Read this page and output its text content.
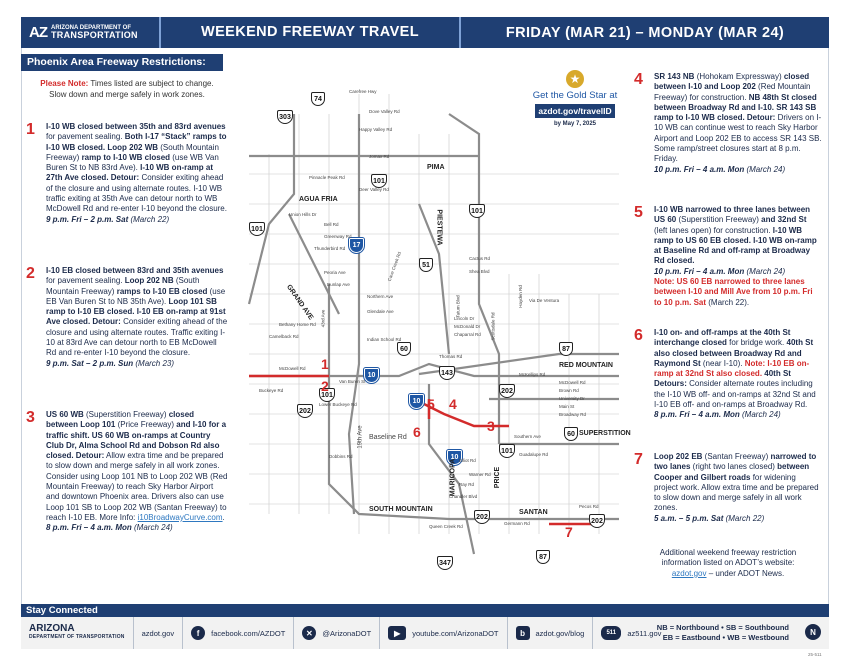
AZ ARIZONA DEPARTMENT OF
TRANSPORTATION	WEEKEND FREEWAY TRAVEL	FRIDAY (MAR 21) – MONDAY (MAR 24)
Phoenix Area Freeway Restrictions:
Please Note: Times listed are subject to change.
Slow down and merge safely in work zones.
1 I-10 WB closed between 35th and 83rd avenues for pavement sealing. Both I-17 “Stack” ramps to I-10 WB closed. Loop 202 WB (South Mountain Freeway) ramp to I-10 WB closed (use WB Van Buren St to NB 83rd Ave). I-10 WB on-ramp at 27th Ave closed. Detour: Consider exiting ahead of the closure and using alternate routes. I-10 WB traffic exiting at 35th Ave can detour north to WB McDowell Rd and re-enter I-10 beyond the closure.
9 p.m. Fri – 2 p.m. Sat (March 22)
2 I-10 EB closed between 83rd and 35th avenues for pavement sealing. Loop 202 NB (South Mountain Freeway) ramps to I-10 EB closed (use EB Van Buren St to NB 35th Ave). Loop 101 SB ramp to I-10 EB closed. I-10 EB on-ramp at 91st Ave closed. Detour: Consider exiting ahead of the closure and using alternate routes. Traffic exiting I-10 at 83rd Ave can detour north to EB McDowell Rd and re-enter I-10 beyond the closure.
9 p.m. Sat – 2 p.m. Sun (March 23)
3 US 60 WB (Superstition Freeway) closed between Loop 101 (Price Freeway) and I-10 for a traffic shift. US 60 WB on-ramps at Country Club Dr, Alma School Rd and Dobson Rd also closed. Detour: Allow extra time and be prepared to slow down and merge safely in all work zones. Consider using Loop 101 NB to Loop 202 WB (Red Mountain Freeway) to reach Sky Harbor Airport and downtown Phoenix area. Drivers also can use Loop 101 SB to Loop 202 WB (Santan Freeway) to reach I-10 EB. More Info: i10BroadwayCurve.com.
8 p.m. Fri – 4 a.m. Mon (March 24)
74
303
101
17
101
51
101
60	87
10	143
202
10
101
202
60
10
202
101
202
87
347
AGUA FRIA
PIMA
PIESTEWA
GRAND AVE
RED MOUNTAIN
SUPERSTITION
SOUTH MOUNTAIN	SANTAN
MARICOPA	PRICE
Carefree Hwy
Happy Valley Rd
Union Hills Dr
Bell Rd
Greenway Rd
Thunderbird Rd
Peoria Ave
Dunlap Ave
Northern Ave
Glendale Ave
Bethany Home Rd
Camelback Rd
Indian School Rd
Thomas Rd
McDowell Rd
Van Buren St
Buckeye Rd
Lower Buckeye Rd
Baseline Rd
Dobbins Rd
Elliot Rd
Ray Rd
Chandler Blvd
Germann Rd
Shea Blvd
Cactus Rd
McKellips Rd
Southern Ave
Guadalupe Rd
Warner Rd
Queen Creek Rd
Pecos Rd
43rd Ave
19th Ave
Cave Creek Rd
Tatum Blvd
Scottsdale Rd
Pinnacle Peak Rd
Deer Valley Rd
Jomax Rd
Dove Valley Rd
Via De Ventura
Hayden Rd
Lincoln Dr
McDonald Dr
Chaparral Rd
Broadway Rd
Main St
University Dr
Brown Rd
McDowell Rd
1
2
3
4
5
6
7
★
Get the Gold Star at
azdot.gov/travelID
by May 7, 2025
4 SR 143 NB (Hohokam Expressway) closed between I-10 and Loop 202 (Red Mountain Freeway) for construction. NB 48th St closed between Broadway Rd and I-10. SR 143 SB ramp to I-10 WB closed. Detour: Drivers on I-10 WB can continue west to reach Sky Harbor Airport and Loop 202 EB to access SR 143 SB. Some ramp/street closures start at 8 p.m. Friday.
10 p.m. Fri – 4 a.m. Mon (March 24)
5 I-10 WB narrowed to three lanes between US 60 (Superstition Freeway) and 32nd St (left lanes open) for construction. I-10 WB ramp to US 60 EB closed. I-10 WB on-ramp at Baseline Rd and off-ramp at Broadway Rd closed.
10 p.m. Fri – 4 a.m. Mon (March 24)
Note: US 60 EB narrowed to three lanes between I-10 and Mill Ave from 10 p.m. Fri to 10 p.m. Sat (March 22).
6 I-10 on- and off-ramps at the 40th St interchange closed for bridge work. 40th St also closed between Broadway Rd and Raymond St (near I-10). Note: I-10 EB on-ramp at 32nd St also closed. 40th St Detours: Consider alternate routes including the I-10 WB off- and on-ramps at 32nd St and I-10 EB off- and on-ramps at Broadway Rd.
8 p.m. Fri – 4 a.m. Mon (March 24)
7 Loop 202 EB (Santan Freeway) narrowed to two lanes (right two lanes closed) between Cooper and Gilbert roads for widening project work. Allow extra time and be prepared to slow down and merge safely in all work zones.
5 a.m. – 5 p.m. Sat (March 22)
Additional weekend freeway restriction
information listed on ADOT’s website:
azdot.gov – under ADOT News.
Stay Connected
ARIZONA
DEPARTMENT OF TRANSPORTATION azdot.gov	f	facebook.com/AZDOT	✕	@ArizonaDOT	▶	youtube.com/ArizonaDOT	b	azdot.gov/blog	511	az511.gov
NB = Northbound • SB = Southbound
EB = Eastbound • WB = Westbound
N
25-511
